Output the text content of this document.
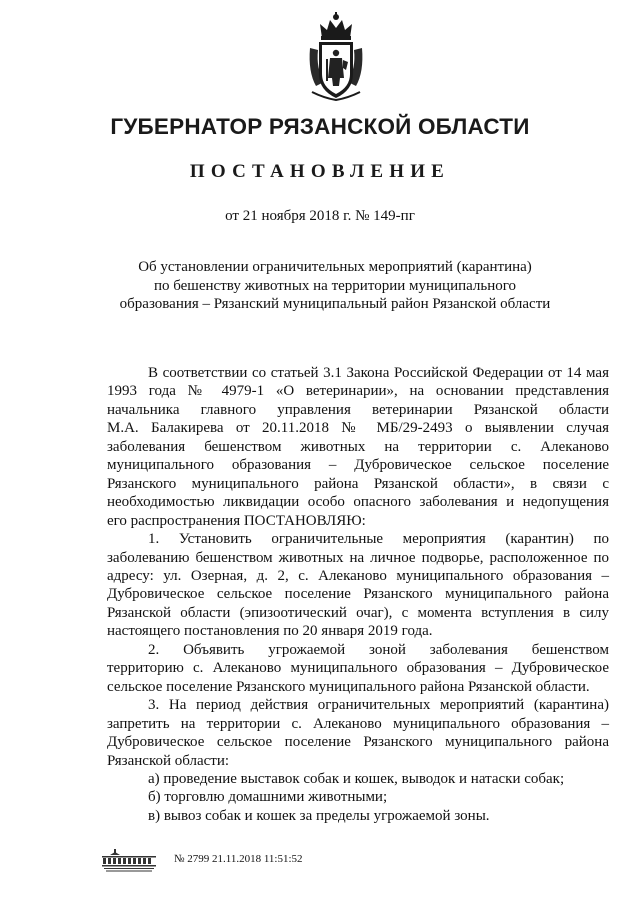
ГУБЕРНАТОР РЯЗАНСКОЙ ОБЛАСТИ
ПОСТАНОВЛЕНИЕ
от 21 ноября 2018 г. № 149-пг
Об установлении ограничительных мероприятий (карантина)
по бешенству животных на территории муниципального
образования – Рязанский муниципальный район Рязанской области
В соответствии со статьей 3.1 Закона Российской Федерации от 14 мая
1993 года № 4979-1 «О ветеринарии», на основании представления
начальника главного управления ветеринарии Рязанской области
М.А. Балакирева от 20.11.2018 № МБ/29-2493 о выявлении случая
заболевания бешенством животных на территории с. Алеканово
муниципального образования – Дубровическое сельское поселение
Рязанского муниципального района Рязанской области», в связи с
необходимостью ликвидации особо опасного заболевания и недопущения
его распространения ПОСТАНОВЛЯЮ:
1. Установить ограничительные мероприятия (карантин) по
заболеванию бешенством животных на личное подворье, расположенное по
адресу: ул. Озерная, д. 2, с. Алеканово муниципального образования –
Дубровическое сельское поселение Рязанского муниципального района
Рязанской области (эпизоотический очаг), с момента вступления в силу
настоящего постановления по 20 января 2019 года.
2. Объявить угрожаемой зоной заболевания бешенством
территорию с. Алеканово муниципального образования – Дубровическое
сельское поселение Рязанского муниципального района Рязанской области.
3. На период действия ограничительных мероприятий (карантина)
запретить на территории с. Алеканово муниципального образования –
Дубровическое сельское поселение Рязанского муниципального района
Рязанской области:
а) проведение выставок собак и кошек, выводок и натаски собак;
б) торговлю домашними животными;
в) вывоз собак и кошек за пределы угрожаемой зоны.
№ 2799 21.11.2018 11:51:52
